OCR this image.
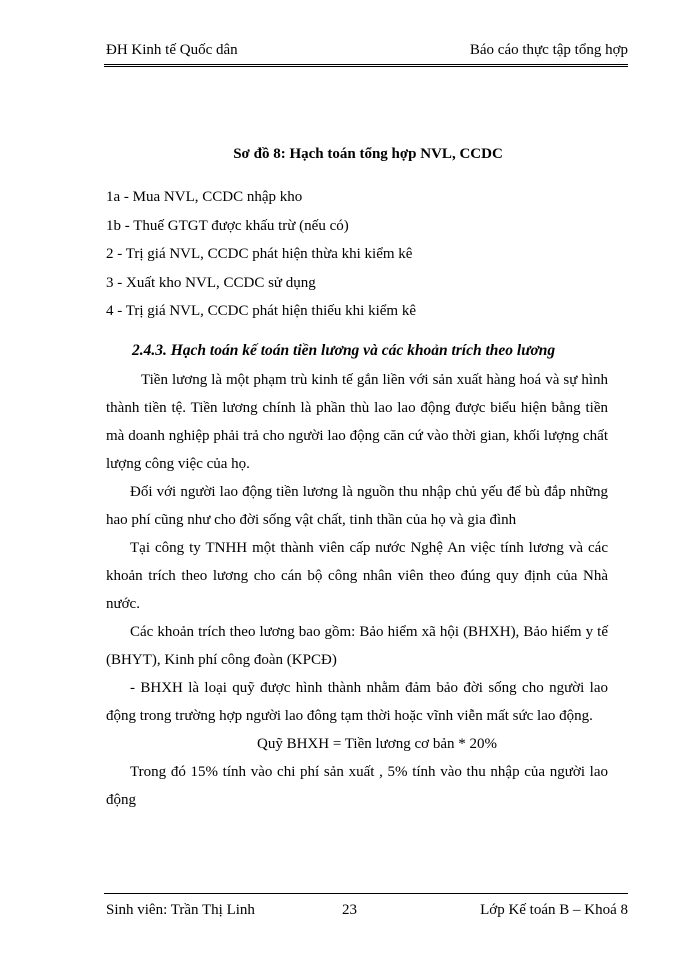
ĐH Kinh tế Quốc dân	Báo cáo thực tập tổng hợp
Sơ đồ 8: Hạch toán tổng hợp NVL, CCDC
1a - Mua NVL, CCDC nhập kho
1b - Thuế GTGT được khấu trừ (nếu có)
2 - Trị giá NVL, CCDC phát hiện thừa khi kiểm kê
3 - Xuất kho NVL, CCDC sử dụng
4 - Trị giá NVL, CCDC phát hiện thiếu khi kiểm kê
2.4.3. Hạch toán kế toán tiền lương và các khoản trích theo lương

Tiền lương là một phạm trù kinh tế gắn liền với sản xuất hàng hoá và sự hình thành tiền tệ. Tiền lương chính là phần thù lao lao động được biểu hiện bằng tiền mà doanh nghiệp phải trả cho người lao động căn cứ vào thời gian, khối lượng chất lượng công việc của họ.

Đối với người lao động tiền lương là nguồn thu nhập chủ yếu để bù đắp những hao phí cũng như cho đời sống vật chất, tinh thần của họ và gia đình

Tại công ty TNHH một thành viên cấp nước Nghệ An việc tính lương và các khoản trích theo lương cho cán bộ công nhân viên theo đúng quy định của Nhà nước.

Các khoản trích theo lương bao gồm: Bảo hiểm xã hội (BHXH), Bảo hiểm y tế (BHYT), Kinh phí công đoàn (KPCĐ)

- BHXH là loại quỹ được hình thành nhằm đảm bảo đời sống cho người lao động trong trường hợp người lao đông tạm thời hoặc vĩnh viễn mất sức lao động.

Quỹ BHXH = Tiền lương cơ bản * 20%

Trong đó 15% tính vào chi phí sản xuất , 5% tính vào thu nhập của người lao động

Sinh viên: Trần Thị Linh	23	Lớp Kế toán B – Khoá 8
